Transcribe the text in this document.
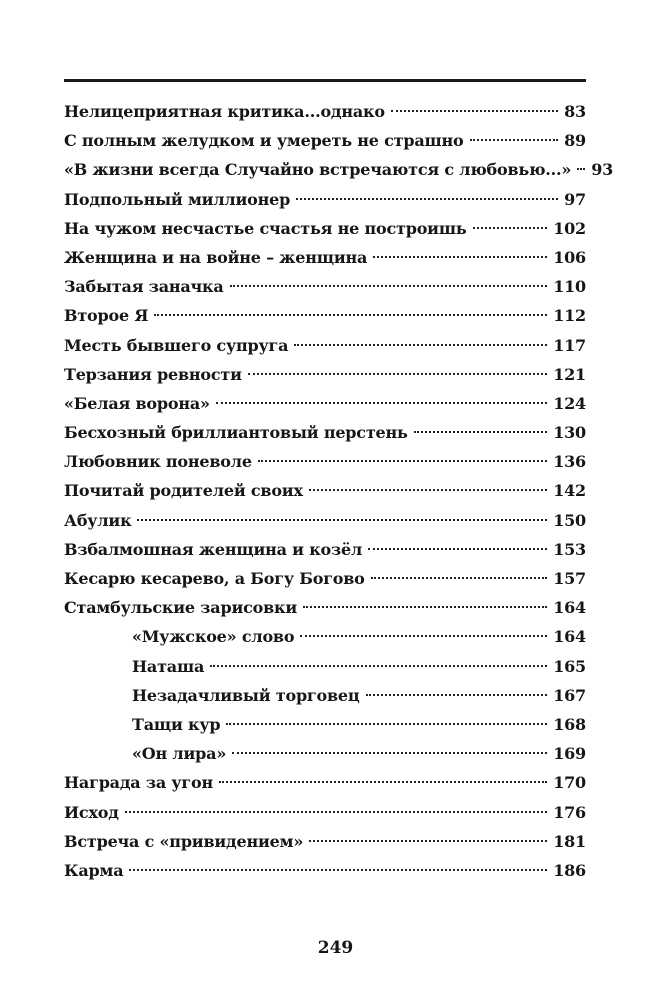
Нелицеприятная критика...однако	83
С полным желудком и умереть не страшно	89
«В жизни всегда Случайно встречаются с любовью...» 93
Подпольный миллионер	97
На чужом несчастье счастья не построишь	102
Женщина и на войне – женщина	106
Забытая заначка	110
Второе Я	112
Месть бывшего супруга	117
Терзания ревности	121
«Белая ворона»	124
Бесхозный бриллиантовый перстень	130
Любовник поневоле	136
Почитай родителей своих	142
Абулик	150
Взбалмошная женщина и козёл	153
Кесарю кесарево, а Богу Богово	157
Стамбульские зарисовки	164
«Мужское» слово	164
Наташа	165
Незадачливый торговец	167
Тащи кур	168
«Он лира»	169
Награда за угон	170
Исход	176
Встреча с «привидением»	181
Карма	186
249
